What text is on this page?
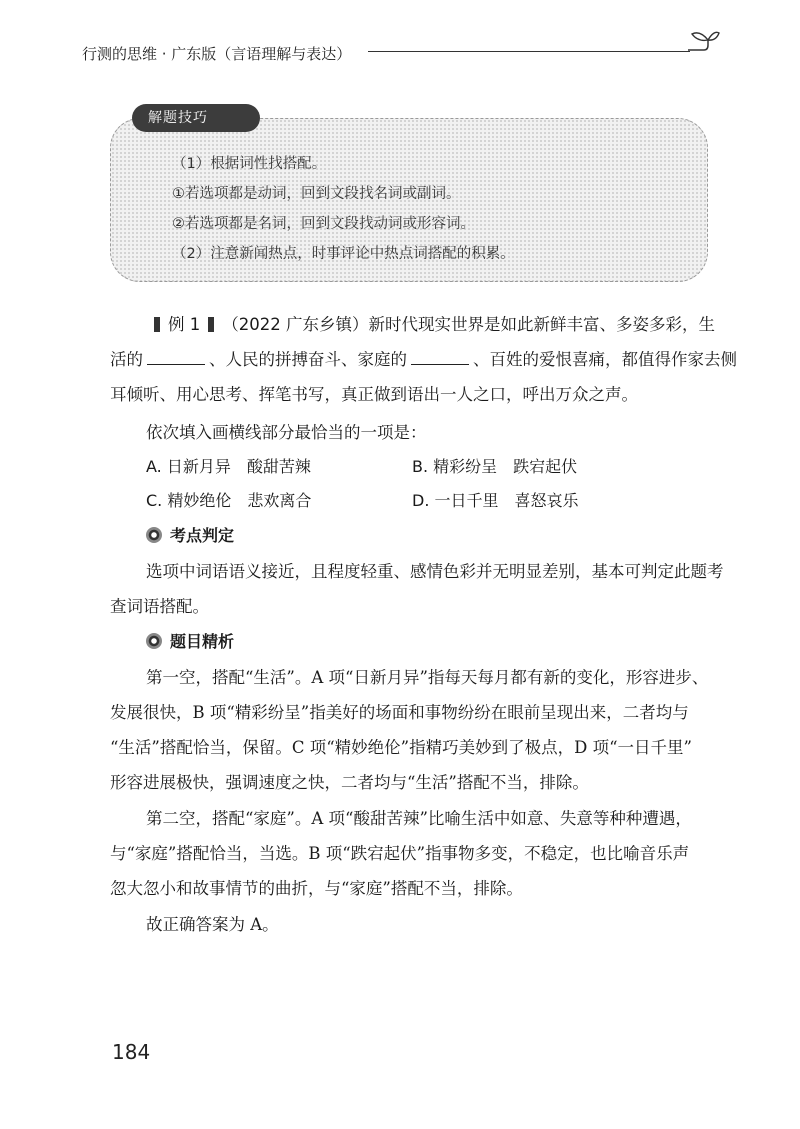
行测的思维 · 广东版（言语理解与表达）
解题技巧
（1）根据词性找搭配。
①若选项都是动词，回到文段找名词或副词。
②若选项都是名词，回到文段找动词或形容词。
（2）注意新闻热点，时事评论中热点词搭配的积累。
例 1 （2022 广东乡镇）新时代现实世界是如此新鲜丰富、多姿多彩，生
活的	、人民的拼搏奋斗、家庭的	、百姓的爱恨喜痛，都值得作家去侧
耳倾听、用心思考、挥笔书写，真正做到语出一人之口，呼出万众之声。
依次填入画横线部分最恰当的一项是：
A. 日新月异　酸甜苦辣	B. 精彩纷呈　跌宕起伏
C. 精妙绝伦　悲欢离合	D. 一日千里　喜怒哀乐
考点判定
选项中词语语义接近，且程度轻重、感情色彩并无明显差别，基本可判定此题考
查词语搭配。
题目精析
第一空，搭配“生活”。A 项“日新月异”指每天每月都有新的变化，形容进步、
发展很快，B 项“精彩纷呈”指美好的场面和事物纷纷在眼前呈现出来，二者均与
“生活”搭配恰当，保留。C 项“精妙绝伦”指精巧美妙到了极点，D 项“一日千里”
形容进展极快，强调速度之快，二者均与“生活”搭配不当，排除。
第二空，搭配“家庭”。A 项“酸甜苦辣”比喻生活中如意、失意等种种遭遇，
与“家庭”搭配恰当，当选。B 项“跌宕起伏”指事物多变，不稳定，也比喻音乐声
忽大忽小和故事情节的曲折，与“家庭”搭配不当，排除。
故正确答案为 A。
184
